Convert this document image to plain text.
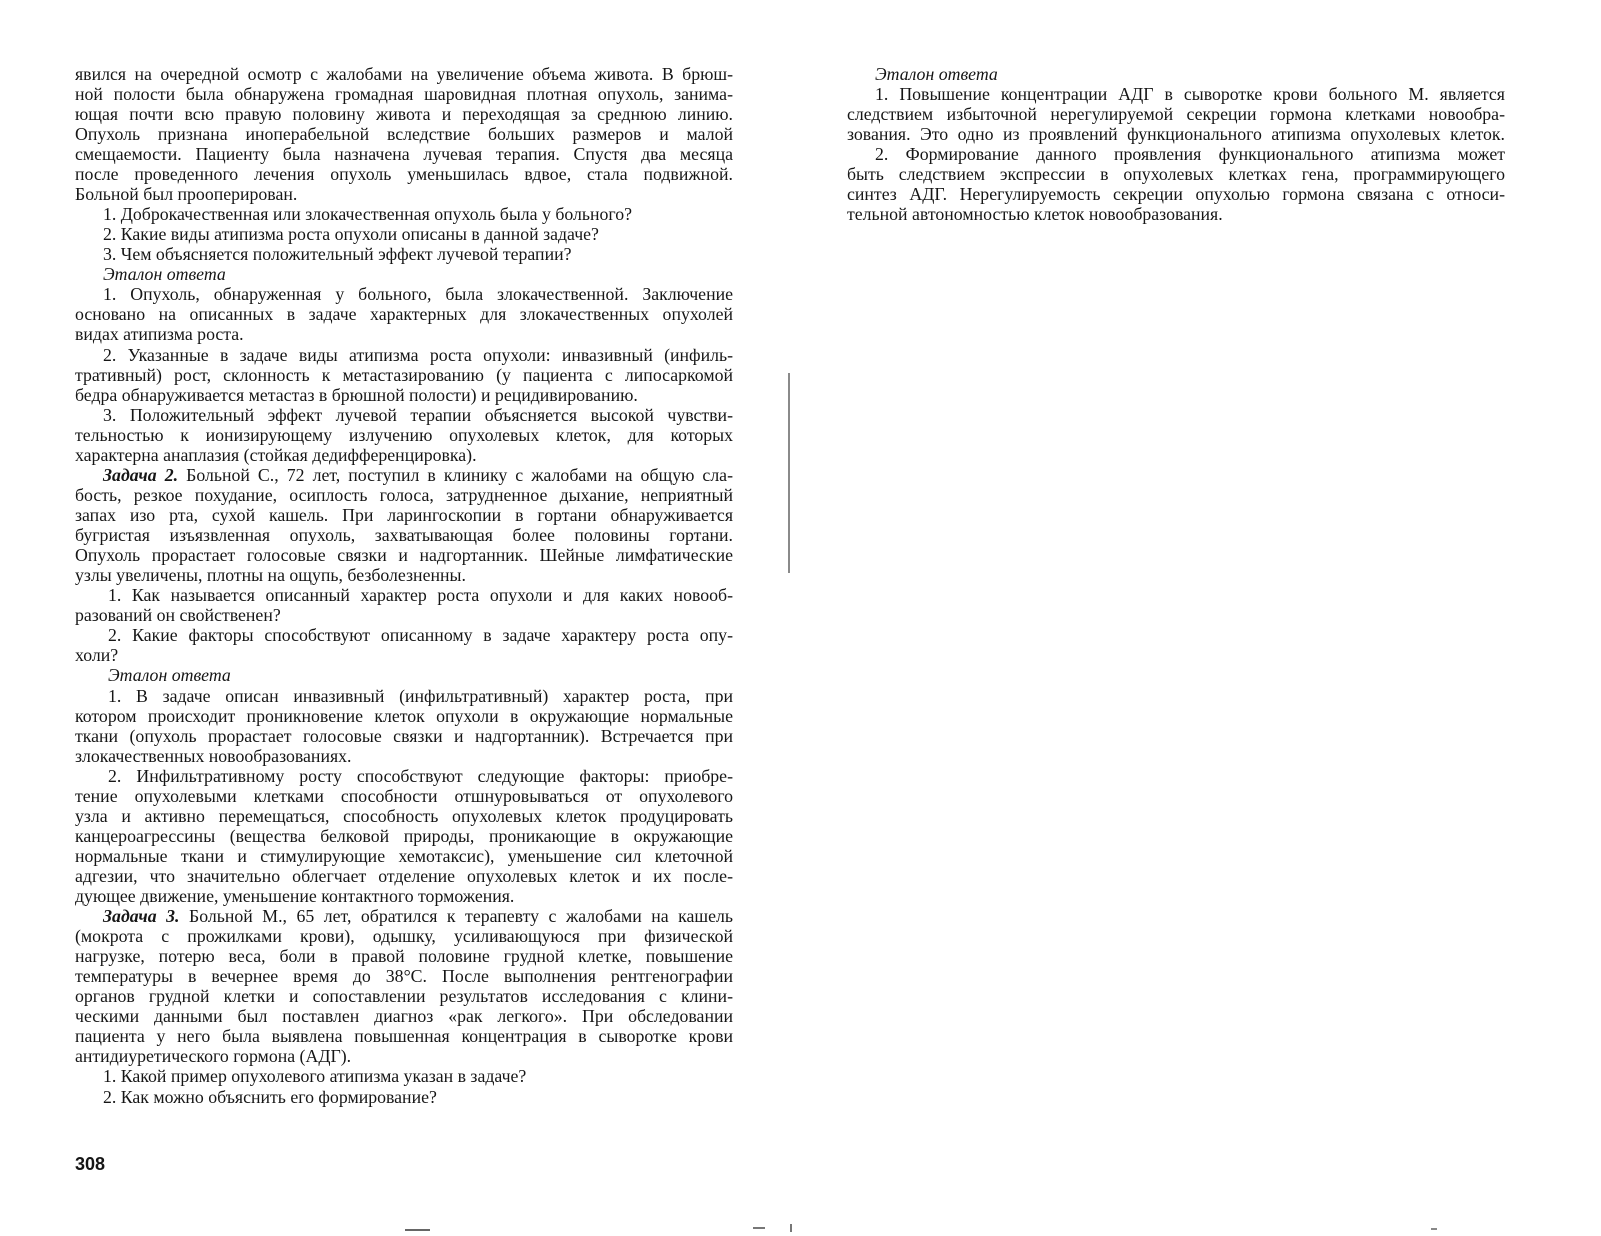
явился на очередной осмотр с жалобами на увеличение объема живота. В брюш-
ной полости была обнаружена громадная шаровидная плотная опухоль, занима-
ющая почти всю правую половину живота и переходящая за среднюю линию.
Опухоль признана иноперабельной вследствие больших размеров и малой
смещаемости. Пациенту была назначена лучевая терапия. Спустя два месяца
после проведенного лечения опухоль уменьшилась вдвое, стала подвижной.
Больной был прооперирован.
1. Доброкачественная или злокачественная опухоль была у больного?
2. Какие виды атипизма роста опухоли описаны в данной задаче?
3. Чем объясняется положительный эффект лучевой терапии?
Эталон ответа
1. Опухоль, обнаруженная у больного, была злокачественной. Заключение
основано на описанных в задаче характерных для злокачественных опухолей
видах атипизма роста.
2. Указанные в задаче виды атипизма роста опухоли: инвазивный (инфиль-
тративный) рост, склонность к метастазированию (у пациента с липосаркомой
бедра обнаруживается метастаз в брюшной полости) и рецидивированию.
3. Положительный эффект лучевой терапии объясняется высокой чувстви-
тельностью к ионизирующему излучению опухолевых клеток, для которых
характерна анаплазия (стойкая дедифференцировка).
Задача 2. Больной С., 72 лет, поступил в клинику с жалобами на общую сла-
бость, резкое похудание, осиплость голоса, затрудненное дыхание, неприятный
запах изо рта, сухой кашель. При ларингоскопии в гортани обнаруживается
бугристая изъязвленная опухоль, захватывающая более половины гортани.
Опухоль прорастает голосовые связки и надгортанник. Шейные лимфатические
узлы увеличены, плотны на ощупь, безболезненны.
1. Как называется описанный характер роста опухоли и для каких новооб-
разований он свойственен?
2. Какие факторы способствуют описанному в задаче характеру роста опу-
холи?
Эталон ответа
1. В задаче описан инвазивный (инфильтративный) характер роста, при
котором происходит проникновение клеток опухоли в окружающие нормальные
ткани (опухоль прорастает голосовые связки и надгортанник). Встречается при
злокачественных новообразованиях.
2. Инфильтративному росту способствуют следующие факторы: приобре-
тение опухолевыми клетками способности отшнуровываться от опухолевого
узла и активно перемещаться, способность опухолевых клеток продуцировать
канцероагрессины (вещества белковой природы, проникающие в окружающие
нормальные ткани и стимулирующие хемотаксис), уменьшение сил клеточной
адгезии, что значительно облегчает отделение опухолевых клеток и их после-
дующее движение, уменьшение контактного торможения.
Задача 3. Больной М., 65 лет, обратился к терапевту с жалобами на кашель
(мокрота с прожилками крови), одышку, усиливающуюся при физической
нагрузке, потерю веса, боли в правой половине грудной клетке, повышение
температуры в вечернее время до 38°С. После выполнения рентгенографии
органов грудной клетки и сопоставлении результатов исследования с клини-
ческими данными был поставлен диагноз «рак легкого». При обследовании
пациента у него была выявлена повышенная концентрация в сыворотке крови
антидиуретического гормона (АДГ).
1. Какой пример опухолевого атипизма указан в задаче?
2. Как можно объяснить его формирование?
308
Эталон ответа
1. Повышение концентрации АДГ в сыворотке крови больного М. является
следствием избыточной нерегулируемой секреции гормона клетками новообра-
зования. Это одно из проявлений функционального атипизма опухолевых клеток.
2. Формирование данного проявления функционального атипизма может
быть следствием экспрессии в опухолевых клетках гена, программирующего
синтез АДГ. Нерегулируемость секреции опухолью гормона связана с относи-
тельной автономностью клеток новообразования.
